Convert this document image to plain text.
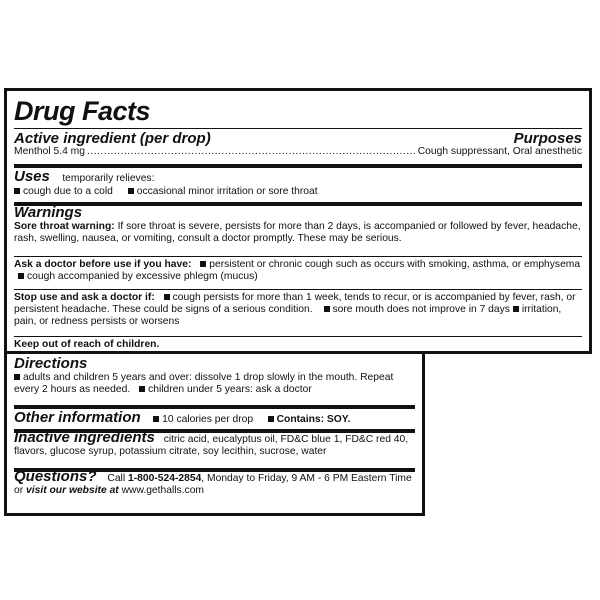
Drug Facts
Active ingredient (per drop)	Purposes
Menthol 5.4 mg
.....	Cough suppressant, Oral anesthetic
Uses temporarily relieves:
cough due to a cold occasional minor irritation or sore throat
Warnings
Sore throat warning: If sore throat is severe, persists for more than 2 days, is accompanied or followed by fever, headache, rash, swelling, nausea, or vomiting, consult a doctor promptly. These may be serious.
Ask a doctor before use if you have: persistent or chronic cough such as occurs with smoking, asthma, or emphysema cough accompanied by excessive phlegm (mucus)
Stop use and ask a doctor if: cough persists for more than 1 week, tends to recur, or is accompanied by fever, rash, or persistent headache. These could be signs of a serious condition. sore mouth does not improve in 7 days irritation, pain, or redness persists or worsens
Keep out of reach of children.
Directions
adults and children 5 years and over: dissolve 1 drop slowly in the mouth. Repeat every 2 hours as needed. children under 5 years: ask a doctor
Other information 10 calories per drop Contains: SOY.
Inactive ingredients citric acid, eucalyptus oil, FD&C blue 1, FD&C red 40, flavors, glucose syrup, potassium citrate, soy lecithin, sucrose, water
Questions? Call 1-800-524-2854, Monday to Friday, 9 AM - 6 PM Eastern Time or visit our website at www.gethalls.com
